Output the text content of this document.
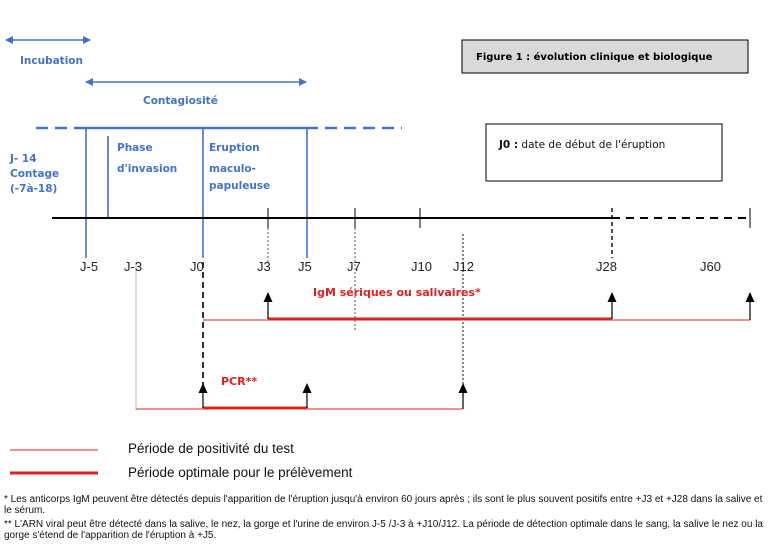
Figure 1 : évolution clinique et biologique
J0 : date de début de l'éruption
Incubation
Contagiosité
J- 14 Contage (-7à-18)
Phase d'invasion
Eruption maculo- papuleuse
J-5 J-3	J0	J3 J5	J7	J10 J12	J28	J60
IgM sériques ou salivaires*
PCR**
Période de positivité du test
Période optimale pour le prélèvement
* Les anticorps IgM peuvent être détectés depuis l'apparition de l'éruption jusqu'à environ 60 jours après ; ils sont le plus souvent positifs entre +J3 et +J28 dans la salive et le sérum.
** L'ARN viral peut être détecté dans la salive, le nez, la gorge et l'urine de environ J-5 /J-3 à +J10/J12. La période de détection optimale dans le sang, la salive le nez ou la gorge s'étend de l'apparition de l'éruption à +J5.
